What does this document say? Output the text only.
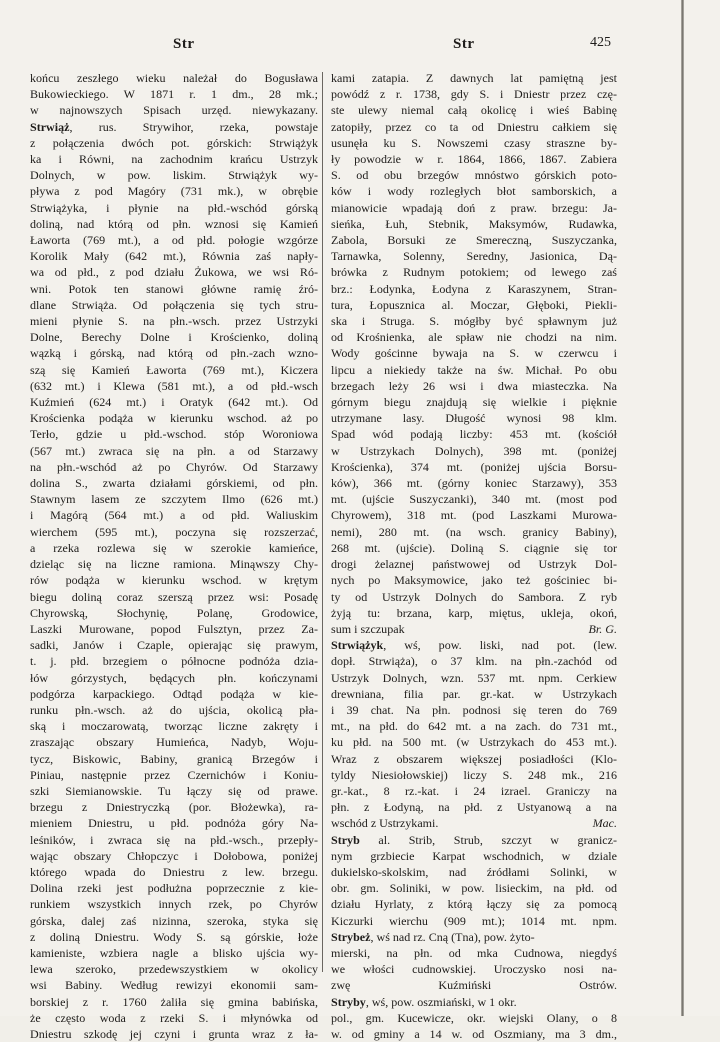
Str	Str	425
końcu zeszłego wieku należał do Bogusława
Bukowieckiego. W 1871 r. 1 dm., 28 mk.;
w najnowszych Spisach urzęd. niewykazany.
Strwiąż, rus. Strywihor, rzeka, powstaje
z połączenia dwóch pot. górskich: Strwiążyk
ka i Równi, na zachodnim krańcu Ustrzyk
Dolnych, w pow. liskim. Strwiążyk wy-
pływa z pod Magóry (731 mk.), w obrębie
Strwiążyka, i płynie na płd.-wschód górską
doliną, nad którą od płn. wznosi się Kamień
Ławorta (769 mt.), a od płd. połogie wzgórze
Korolik Mały (642 mt.), Równia zaś napły-
wa od płd., z pod działu Żukowa, we wsi Ró-
wni. Potok ten stanowi główne ramię źró-
dlane Strwiąża. Od połączenia się tych stru-
mieni płynie S. na płn.-wsch. przez Ustrzyki
Dolne, Berechy Dolne i Krościenko, doliną
wązką i górską, nad którą od płn.-zach wzno-
szą się Kamień Ławorta (769 mt.), Kiczera
(632 mt.) i Klewa (581 mt.), a od płd.-wsch
Kuźmień (624 mt.) i Oratyk (642 mt.). Od
Krościenka podąża w kierunku wschod. aż po
Terło, gdzie u płd.-wschod. stóp Woroniowa
(567 mt.) zwraca się na płn. a od Starzawy
na płn.-wschód aż po Chyrów. Od Starzawy
dolina S., zwarta działami górskiemi, od płn.
Stawnym lasem ze szczytem Ilmo (626 mt.)
i Magórą (564 mt.) a od płd. Waliuskim
wierchem (595 mt.), poczyna się rozszerzać,
a rzeka rozlewa się w szerokie kamieńce,
dzieląc się na liczne ramiona. Minąwszy Chy-
rów podąża w kierunku wschod. w krętym
biegu doliną coraz szerszą przez wsi: Posadę
Chyrowską, Słochynię, Polanę, Grodowice,
Laszki Murowane, popod Fulsztyn, przez Za-
sadki, Janów i Czaple, opierając się prawym,
t. j. płd. brzegiem o północne podnóża dzia-
łów górzystych, będących płn. kończynami
podgórza karpackiego. Odtąd podąża w kie-
runku płn.-wsch. aż do ujścia, okolicą pła-
ską i moczarowatą, tworząc liczne zakręty i
zraszając obszary Humieńca, Nadyb, Woju-
tycz, Biskowic, Babiny, granicą Brzegów i
Piniau, następnie przez Czernichów i Koniu-
szki Siemianowskie. Tu łączy się od prawe.
brzegu z Dniestryczką (por. Błożewka), ra-
mieniem Dniestru, u płd. podnóża góry Na-
leśników, i zwraca się na płd.-wsch., przepły-
wając obszary Chłopczyc i Dołobowa, poniżej
którego wpada do Dniestru z lew. brzegu.
Dolina rzeki jest podłużna poprzecznie z kie-
runkiem wszystkich innych rzek, po Chyrów
górska, dalej zaś nizinna, szeroka, styka się
z doliną Dniestru. Wody S. są górskie, łoże
kamieniste, wzbiera nagle a blisko ujścia wy-
lewa szeroko, przedewszystkiem w okolicy
wsi Babiny. Według rewizyi ekonomii sam-
borskiej z r. 1760 żaliła się gmina babińska,
że często woda z rzeki S. i młynówka od
Dniestru szkodę jej czyni i grunta wraz z ła-
kami zatapia. Z dawnych lat pamiętną jest
powódź z r. 1738, gdy S. i Dniestr przez czę-
ste ulewy niemal całą okolicę i wieś Babinę
zatopiły, przez co ta od Dniestru całkiem się
usunęła ku S. Nowszemi czasy straszne by-
ły powodzie w r. 1864, 1866, 1867. Zabiera
S. od obu brzegów mnóstwo górskich poto-
ków i wody rozległych błot samborskich, a
mianowicie wpadają doń z praw. brzegu: Ja-
sieńka, Łuh, Stebnik, Maksymów, Rudawka,
Zabola, Borsuki ze Smereczną, Suszyczanka,
Tarnawka, Solenny, Seredny, Jasionica, Dą-
brówka z Rudnym potokiem; od lewego zaś
brz.: Łodynka, Łodyna z Karaszynem, Stran-
tura, Łopusznica al. Moczar, Głęboki, Piekli-
ska i Struga. S. mógłby być spławnym już
od Krośnienka, ale spław nie chodzi na nim.
Wody gościnne bywaja na S. w czerwcu i
lipcu a niekiedy także na św. Michał. Po obu
brzegach leży 26 wsi i dwa miasteczka. Na
górnym biegu znajdują się wielkie i pięknie
utrzymane lasy. Długość wynosi 98 klm.
Spad wód podają liczby: 453 mt. (kościół
w Ustrzykach Dolnych), 398 mt. (poniżej
Krościenka), 374 mt. (poniżej ujścia Borsu-
ków), 366 mt. (górny koniec Starzawy), 353
mt. (ujście Suszyczanki), 340 mt. (most pod
Chyrowem), 318 mt. (pod Laszkami Murowa-
nemi), 280 mt. (na wsch. granicy Babiny),
268 mt. (ujście). Doliną S. ciągnie się tor
drogi żelaznej państwowej od Ustrzyk Dol-
nych po Maksymowice, jako też gościniec bi-
ty od Ustrzyk Dolnych do Sambora. Z ryb
żyją tu: brzana, karp, miętus, ukleja, okoń,
Br. G.
sum i szczupak
Strwiążyk, wś, pow. liski, nad pot. (lew.
dopł. Strwiąża), o 37 klm. na płn.-zachód od
Ustrzyk Dolnych, wzn. 537 mt. npm. Cerkiew
drewniana, filia par. gr.-kat. w Ustrzykach
i 39 chat. Na płn. podnosi się teren do 769
mt., na płd. do 642 mt. a na zach. do 731 mt.,
ku płd. na 500 mt. (w Ustrzykach do 453 mt.).
Wraz z obszarem większej posiadłości (Klo-
tyldy Niesiołowskiej) liczy S. 248 mk., 216
gr.-kat., 8 rz.-kat. i 24 izrael. Graniczy na
płn. z Łodyną, na płd. z Ustyanową a na
Mac.
wschód z Ustrzykami.
Stryb al. Strib, Strub, szczyt w granicz-
nym grzbiecie Karpat wschodnich, w dziale
dukielsko-skolskim, nad źródłami Solinki, w
obr. gm. Soliniki, w pow. lisieckim, na płd. od
działu Hyrlaty, z którą łączy się za pomocą
Kiczurki wierchu (909 mt.); 1014 mt. npm.
Strybeż, wś nad rz. Cną (Tna), pow. żyto-
mierski, na płn. od mka Cudnowa, niegdyś
we włości cudnowskiej. Uroczysko nosi na-
zwę Kuźmiński Ostrów.
Stryby, wś, pow. oszmiański, w 1 okr.
pol., gm. Kucewicze, okr. wiejski Olany, o 8
w. od gminy a 14 w. od Oszmiany, ma 3 dm.,
